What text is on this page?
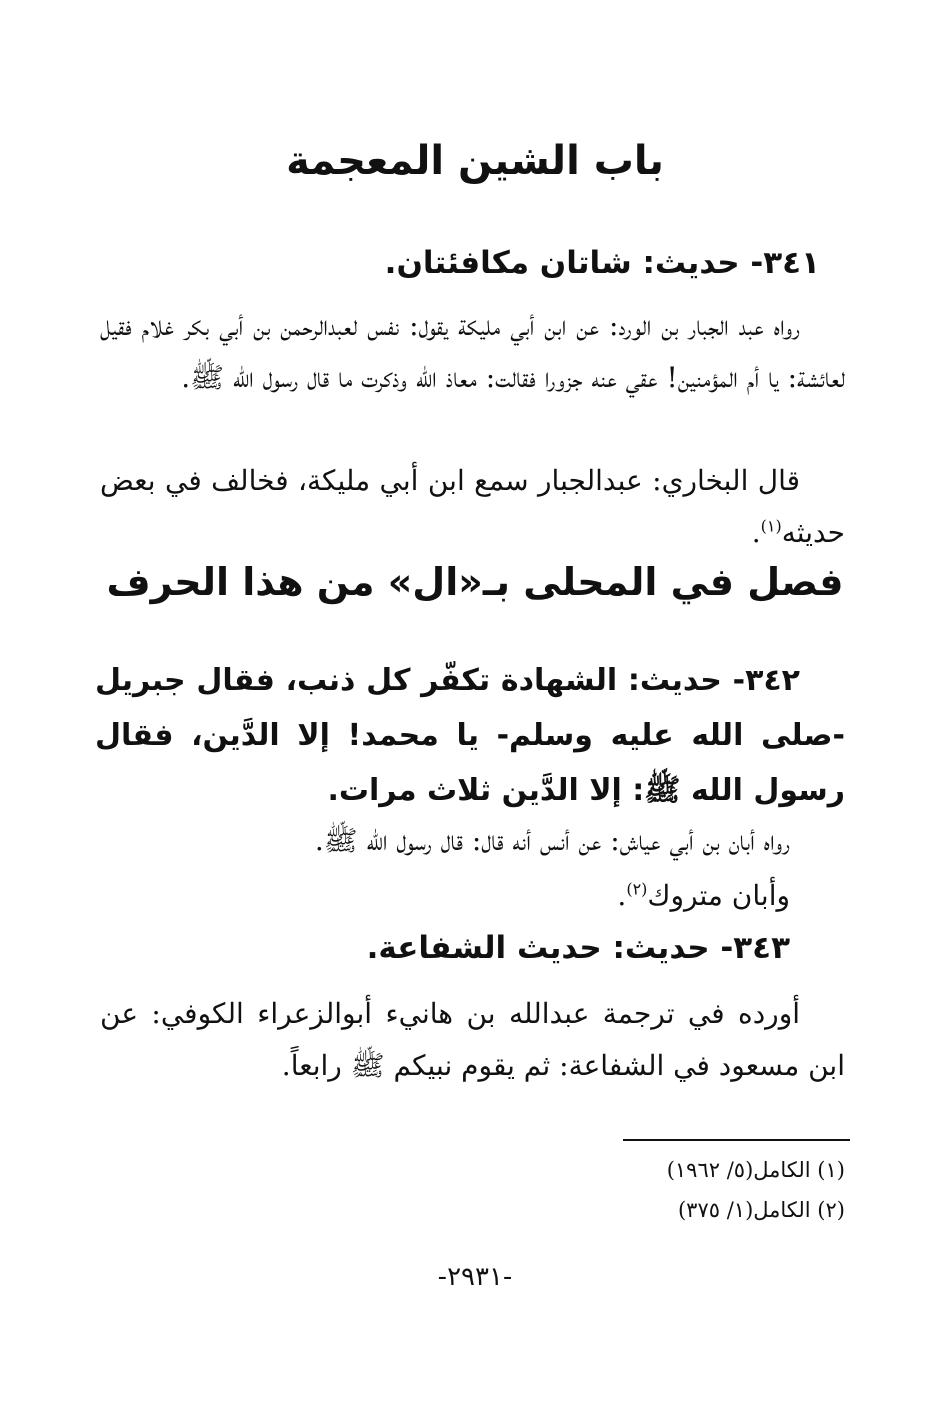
باب الشين المعجمة
٣٤١- حديث: شاتان مكافئتان.
رواه عبد الجبار بن الورد: عن ابن أبي مليكة يقول: نفس لعبدالرحمن بن أبي بكر غلام فقيل لعائشة: يا أم المؤمنين! عقي عنه جزورا فقالت: معاذ الله وذكرت ما قال رسول الله ﷺ.
قال البخاري: عبدالجبار سمع ابن أبي مليكة، فخالف في بعض حديثه$^{(١)}$.
فصل في المحلى بـ«ال» من هذا الحرف
٣٤٢- حديث: الشهادة تكفّر كل ذنب، فقال جبريل -صلى الله عليه وسلم- يا محمد! إلا الدَّين، فقال رسول الله ﷺ: إلا الدَّين ثلاث مرات.
رواه أبان بن أبي عياش: عن أنس أنه قال: قال رسول الله ﷺ.
وأبان متروك$^{(٢)}$.
٣٤٣- حديث: حديث الشفاعة.
أورده في ترجمة عبدالله بن هانيء أبوالزعراء الكوفي: عن ابن مسعود في الشفاعة: ثم يقوم نبيكم ﷺ رابعاً.
(١) الكامل(٥/ ١٩٦٢)
(٢) الكامل(١/ ٣٧٥)
-٢٩٣١-
